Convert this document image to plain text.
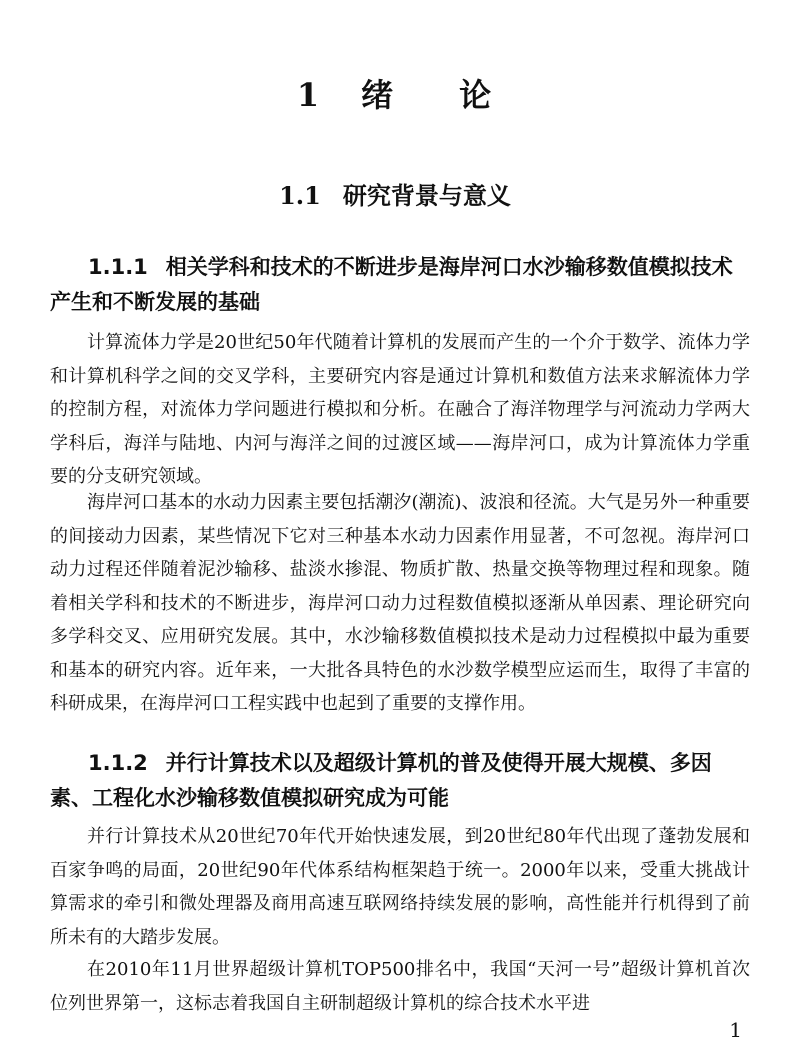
1 绪 论
1.1 研究背景与意义
1.1.1 相关学科和技术的不断进步是海岸河口水沙输移数值模拟技术产生和不断发展的基础

计算流体力学是20世纪50年代随着计算机的发展而产生的一个介于数学、流体力学和计算机科学之间的交叉学科，主要研究内容是通过计算机和数值方法来求解流体力学的控制方程，对流体力学问题进行模拟和分析。在融合了海洋物理学与河流动力学两大学科后，海洋与陆地、内河与海洋之间的过渡区域——海岸河口，成为计算流体力学重要的分支研究领域。

海岸河口基本的水动力因素主要包括潮汐(潮流)、波浪和径流。大气是另外一种重要的间接动力因素，某些情况下它对三种基本水动力因素作用显著，不可忽视。海岸河口动力过程还伴随着泥沙输移、盐淡水掺混、物质扩散、热量交换等物理过程和现象。随着相关学科和技术的不断进步，海岸河口动力过程数值模拟逐渐从单因素、理论研究向多学科交叉、应用研究发展。其中，水沙输移数值模拟技术是动力过程模拟中最为重要和基本的研究内容。近年来，一大批各具特色的水沙数学模型应运而生，取得了丰富的科研成果，在海岸河口工程实践中也起到了重要的支撑作用。

1.1.2 并行计算技术以及超级计算机的普及使得开展大规模、多因素、工程化水沙输移数值模拟研究成为可能

并行计算技术从20世纪70年代开始快速发展，到20世纪80年代出现了蓬勃发展和百家争鸣的局面，20世纪90年代体系结构框架趋于统一。2000年以来，受重大挑战计算需求的牵引和微处理器及商用高速互联网络持续发展的影响，高性能并行机得到了前所未有的大踏步发展。

在2010年11月世界超级计算机TOP500排名中，我国“天河一号”超级计算机首次位列世界第一，这标志着我国自主研制超级计算机的综合技术水平进

1
